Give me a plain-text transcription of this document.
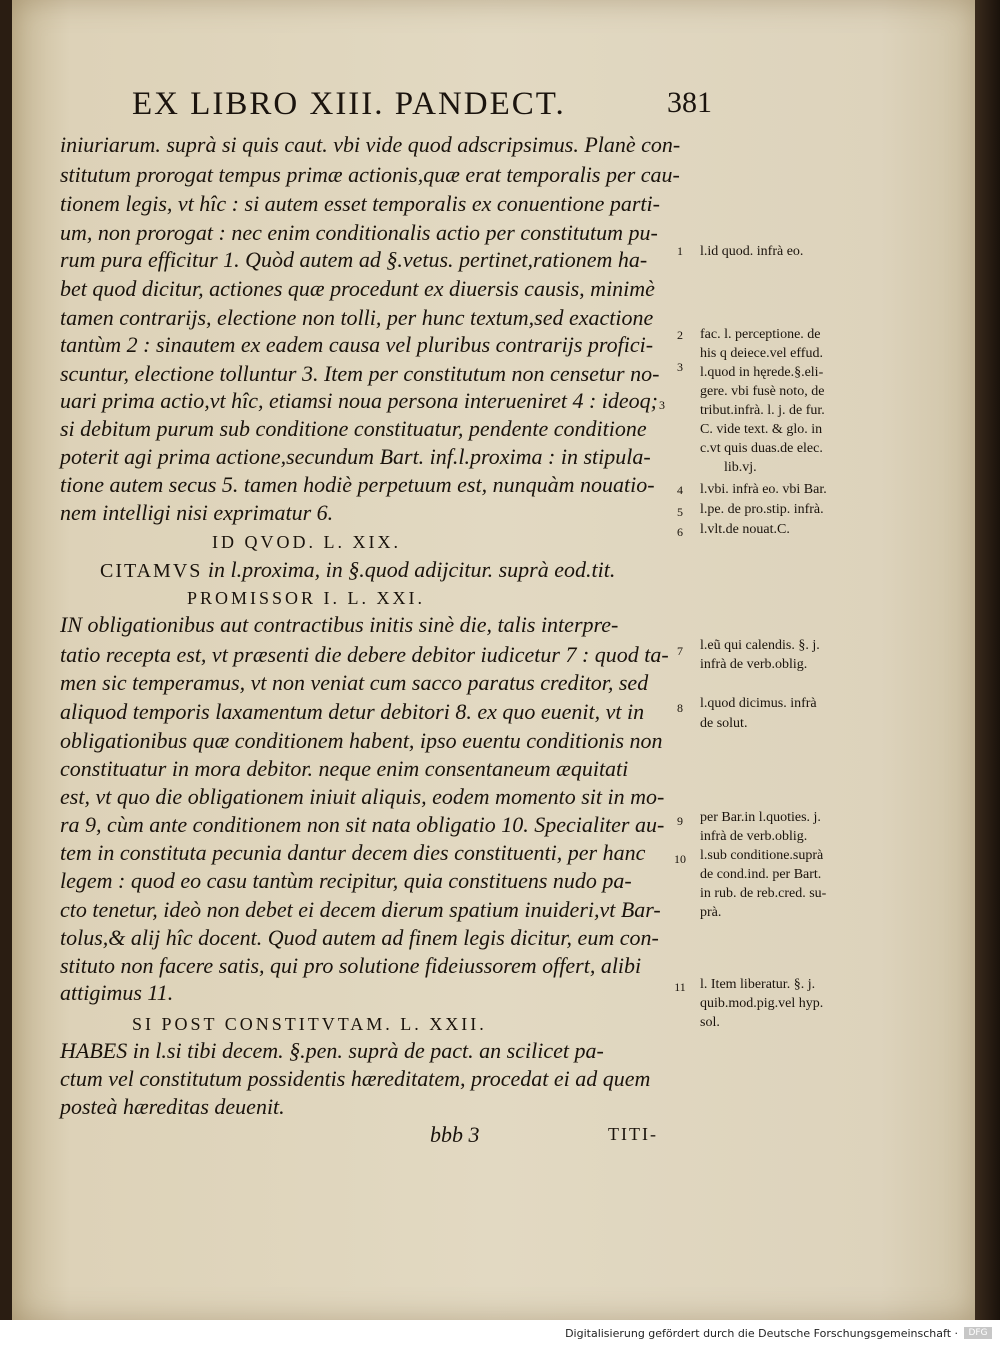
EX LIBRO XIII. PANDECT.	381
iniuriarum. suprà si quis caut. vbi vide quod adscripsimus. Planè con-
stitutum prorogat tempus primæ actionis,quæ erat temporalis per cau-
tionem legis, vt hîc : si autem esset temporalis ex conuentione parti-
um, non prorogat : nec enim conditionalis actio per constitutum pu-
rum pura efficitur 1. Quòd autem ad §.vetus. pertinet,rationem ha-
bet quod dicitur, actiones quæ procedunt ex diuersis causis, minimè
tamen contrarijs, electione non tolli, per hunc textum,sed exactione
tantùm 2 : sinautem ex eadem causa vel pluribus contrarijs profici-
scuntur, electione tolluntur 3. Item per constitutum non censetur no-
uari prima actio,vt hîc, etiamsi noua persona interueniret 4 : ideoq;
si debitum purum sub conditione constituatur, pendente conditione
poterit agi prima actione,secundum Bart. inf.l.proxima : in stipula-
tione autem secus 5. tamen hodiè perpetuum est, nunquàm nouatio-
nem intelligi nisi exprimatur 6.
ID QVOD. L. XIX.
CITAMVS in l.proxima, in §.quod adijcitur. suprà eod.tit.
PROMISSOR I. L. XXI.
IN obligationibus aut contractibus initis sinè die, talis interpre-
tatio recepta est, vt præsenti die debere debitor iudicetur 7 : quod ta-
men sic temperamus, vt non veniat cum sacco paratus creditor, sed
aliquod temporis laxamentum detur debitori 8. ex quo euenit, vt in
obligationibus quæ conditionem habent, ipso euentu conditionis non
constituatur in mora debitor. neque enim consentaneum æquitati
est, vt quo die obligationem iniuit aliquis, eodem momento sit in mo-
ra 9, cùm ante conditionem non sit nata obligatio 10. Specialiter au-
tem in constituta pecunia dantur decem dies constituenti, per hanc
legem : quod eo casu tantùm recipitur, quia constituens nudo pa-
cto tenetur, ideò non debet ei decem dierum spatium inuideri,vt Bar-
tolus,& alij hîc docent. Quod autem ad finem legis dicitur, eum con-
stituto non facere satis, qui pro solutione fideiussorem offert, alibi
attigimus 11.
SI POST CONSTITVTAM. L. XXII.
HABES in l.si tibi decem. §.pen. suprà de pact. an scilicet pa-
ctum vel constitutum possidentis hæreditatem, procedat ei ad quem
posteà hæreditas deuenit.
bbb 3	TITI-
1
2
3
3
4
5
6
7
8
9
10
11
l.id quod. infrà eo.
fac. l. perceptione. de
his q deiece.vel effud.
l.quod in hęrede.§.eli-
gere. vbi fusè noto, de
tribut.infrà. l. j. de fur.
C. vide text. & glo. in
c.vt quis duas.de elec.
lib.vj.
l.vbi. infrà eo. vbi Bar.
l.pe. de pro.stip. infrà.
l.vlt.de nouat.C.
l.eũ qui calendis. §. j.
infrà de verb.oblig.
l.quod dicimus. infrà
de solut.
per Bar.in l.quoties. j.
infrà de verb.oblig.
l.sub conditione.suprà
de cond.ind. per Bart.
in rub. de reb.cred. su-
prà.
l. Item liberatur. §. j.
quib.mod.pig.vel hyp.
sol.
Digitalisierung gefördert durch die Deutsche Forschungsgemeinschaft ·	DFG
